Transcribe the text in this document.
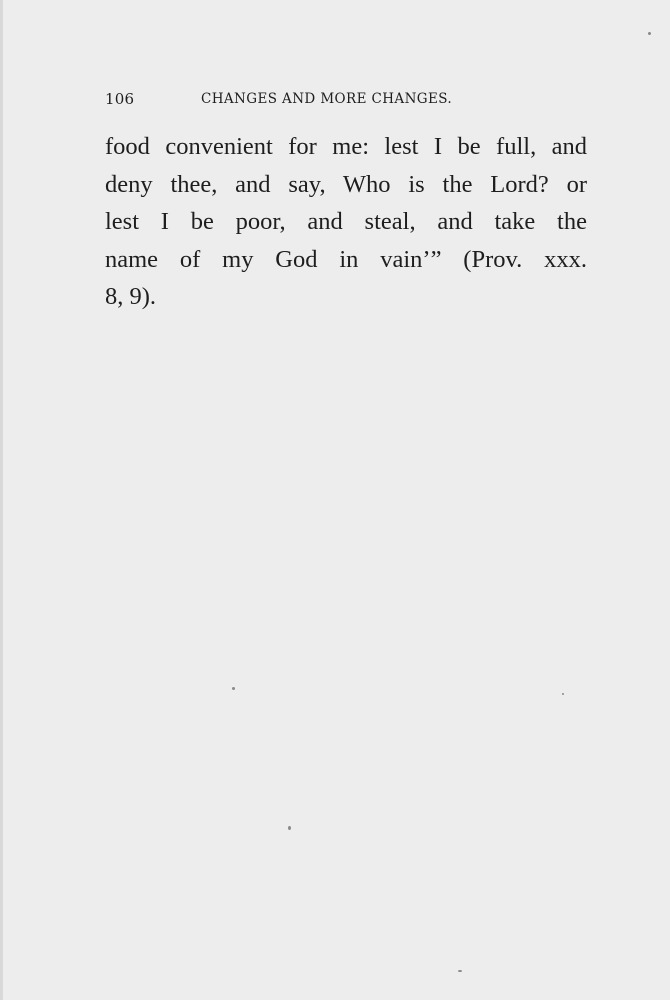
106	CHANGES AND MORE CHANGES.
food convenient for me: lest I be full, and
deny thee, and say, Who is the Lord? or
lest I be poor, and steal, and take the
name of my God in vain’” (Prov. xxx.
8, 9).
